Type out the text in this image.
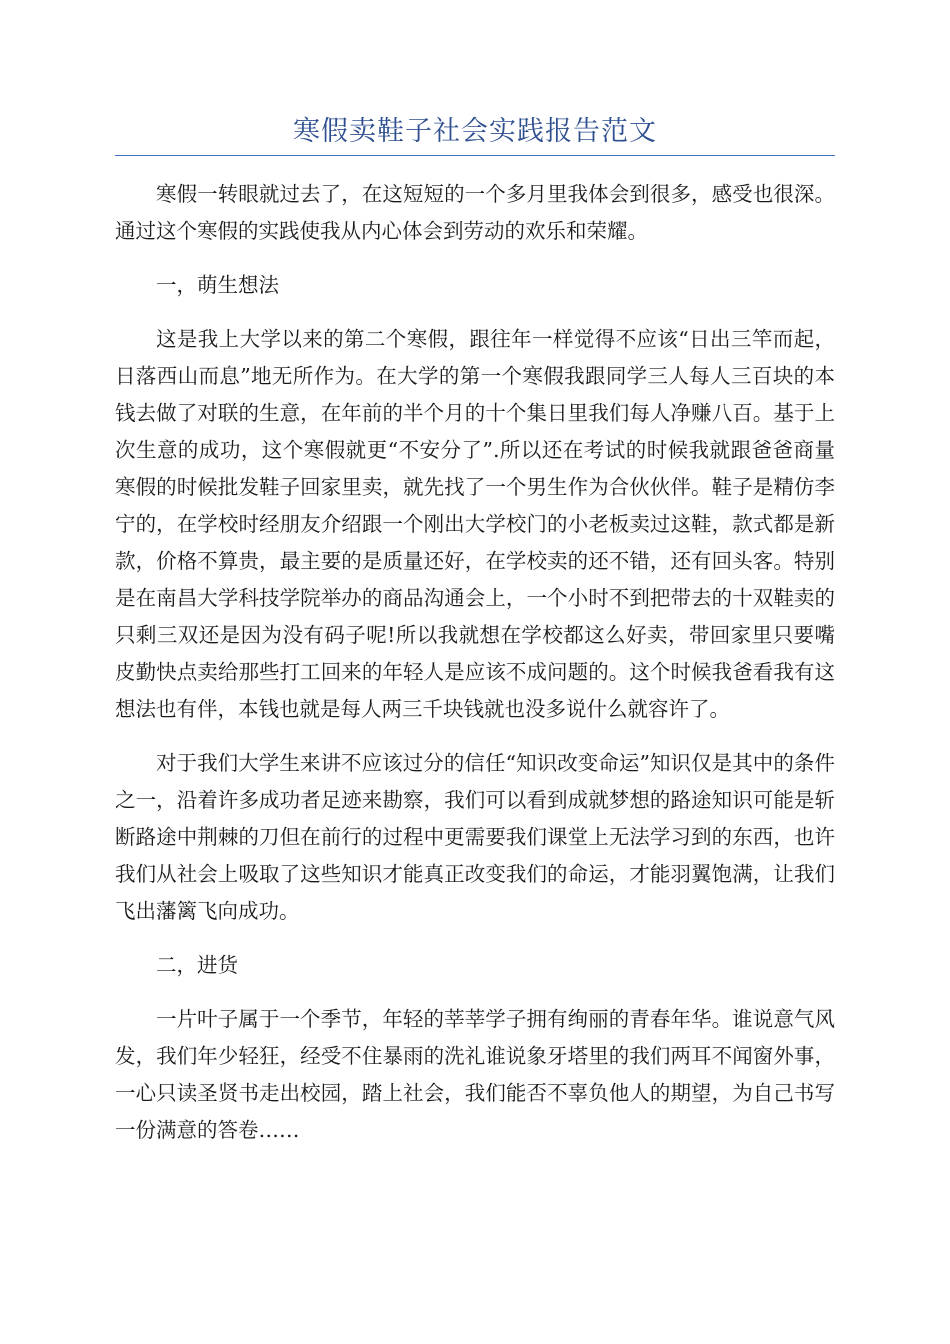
寒假卖鞋子社会实践报告范文

寒假一转眼就过去了，在这短短的一个多月里我体会到很多，感受也很深。通过这个寒假的实践使我从内心体会到劳动的欢乐和荣耀。

一，萌生想法

这是我上大学以来的第二个寒假，跟往年一样觉得不应该“日出三竿而起，日落西山而息”地无所作为。在大学的第一个寒假我跟同学三人每人三百块的本钱去做了对联的生意，在年前的半个月的十个集日里我们每人净赚八百。基于上次生意的成功，这个寒假就更“不安分了”.所以还在考试的时候我就跟爸爸商量寒假的时候批发鞋子回家里卖，就先找了一个男生作为合伙伙伴。鞋子是精仿李宁的，在学校时经朋友介绍跟一个刚出大学校门的小老板卖过这鞋，款式都是新款，价格不算贵，最主要的是质量还好，在学校卖的还不错，还有回头客。特别是在南昌大学科技学院举办的商品沟通会上，一个小时不到把带去的十双鞋卖的只剩三双还是因为没有码子呢!所以我就想在学校都这么好卖，带回家里只要嘴皮勤快点卖给那些打工回来的年轻人是应该不成问题的。这个时候我爸看我有这想法也有伴，本钱也就是每人两三千块钱就也没多说什么就容许了。

对于我们大学生来讲不应该过分的信任“知识改变命运”知识仅是其中的条件之一，沿着许多成功者足迹来勘察，我们可以看到成就梦想的路途知识可能是斩断路途中荆棘的刀但在前行的过程中更需要我们课堂上无法学习到的东西，也许我们从社会上吸取了这些知识才能真正改变我们的命运，才能羽翼饱满，让我们飞出藩篱飞向成功。

二，进货

一片叶子属于一个季节，年轻的莘莘学子拥有绚丽的青春年华。谁说意气风发，我们年少轻狂，经受不住暴雨的洗礼谁说象牙塔里的我们两耳不闻窗外事，一心只读圣贤书走出校园，踏上社会，我们能否不辜负他人的期望，为自己书写一份满意的答卷……
